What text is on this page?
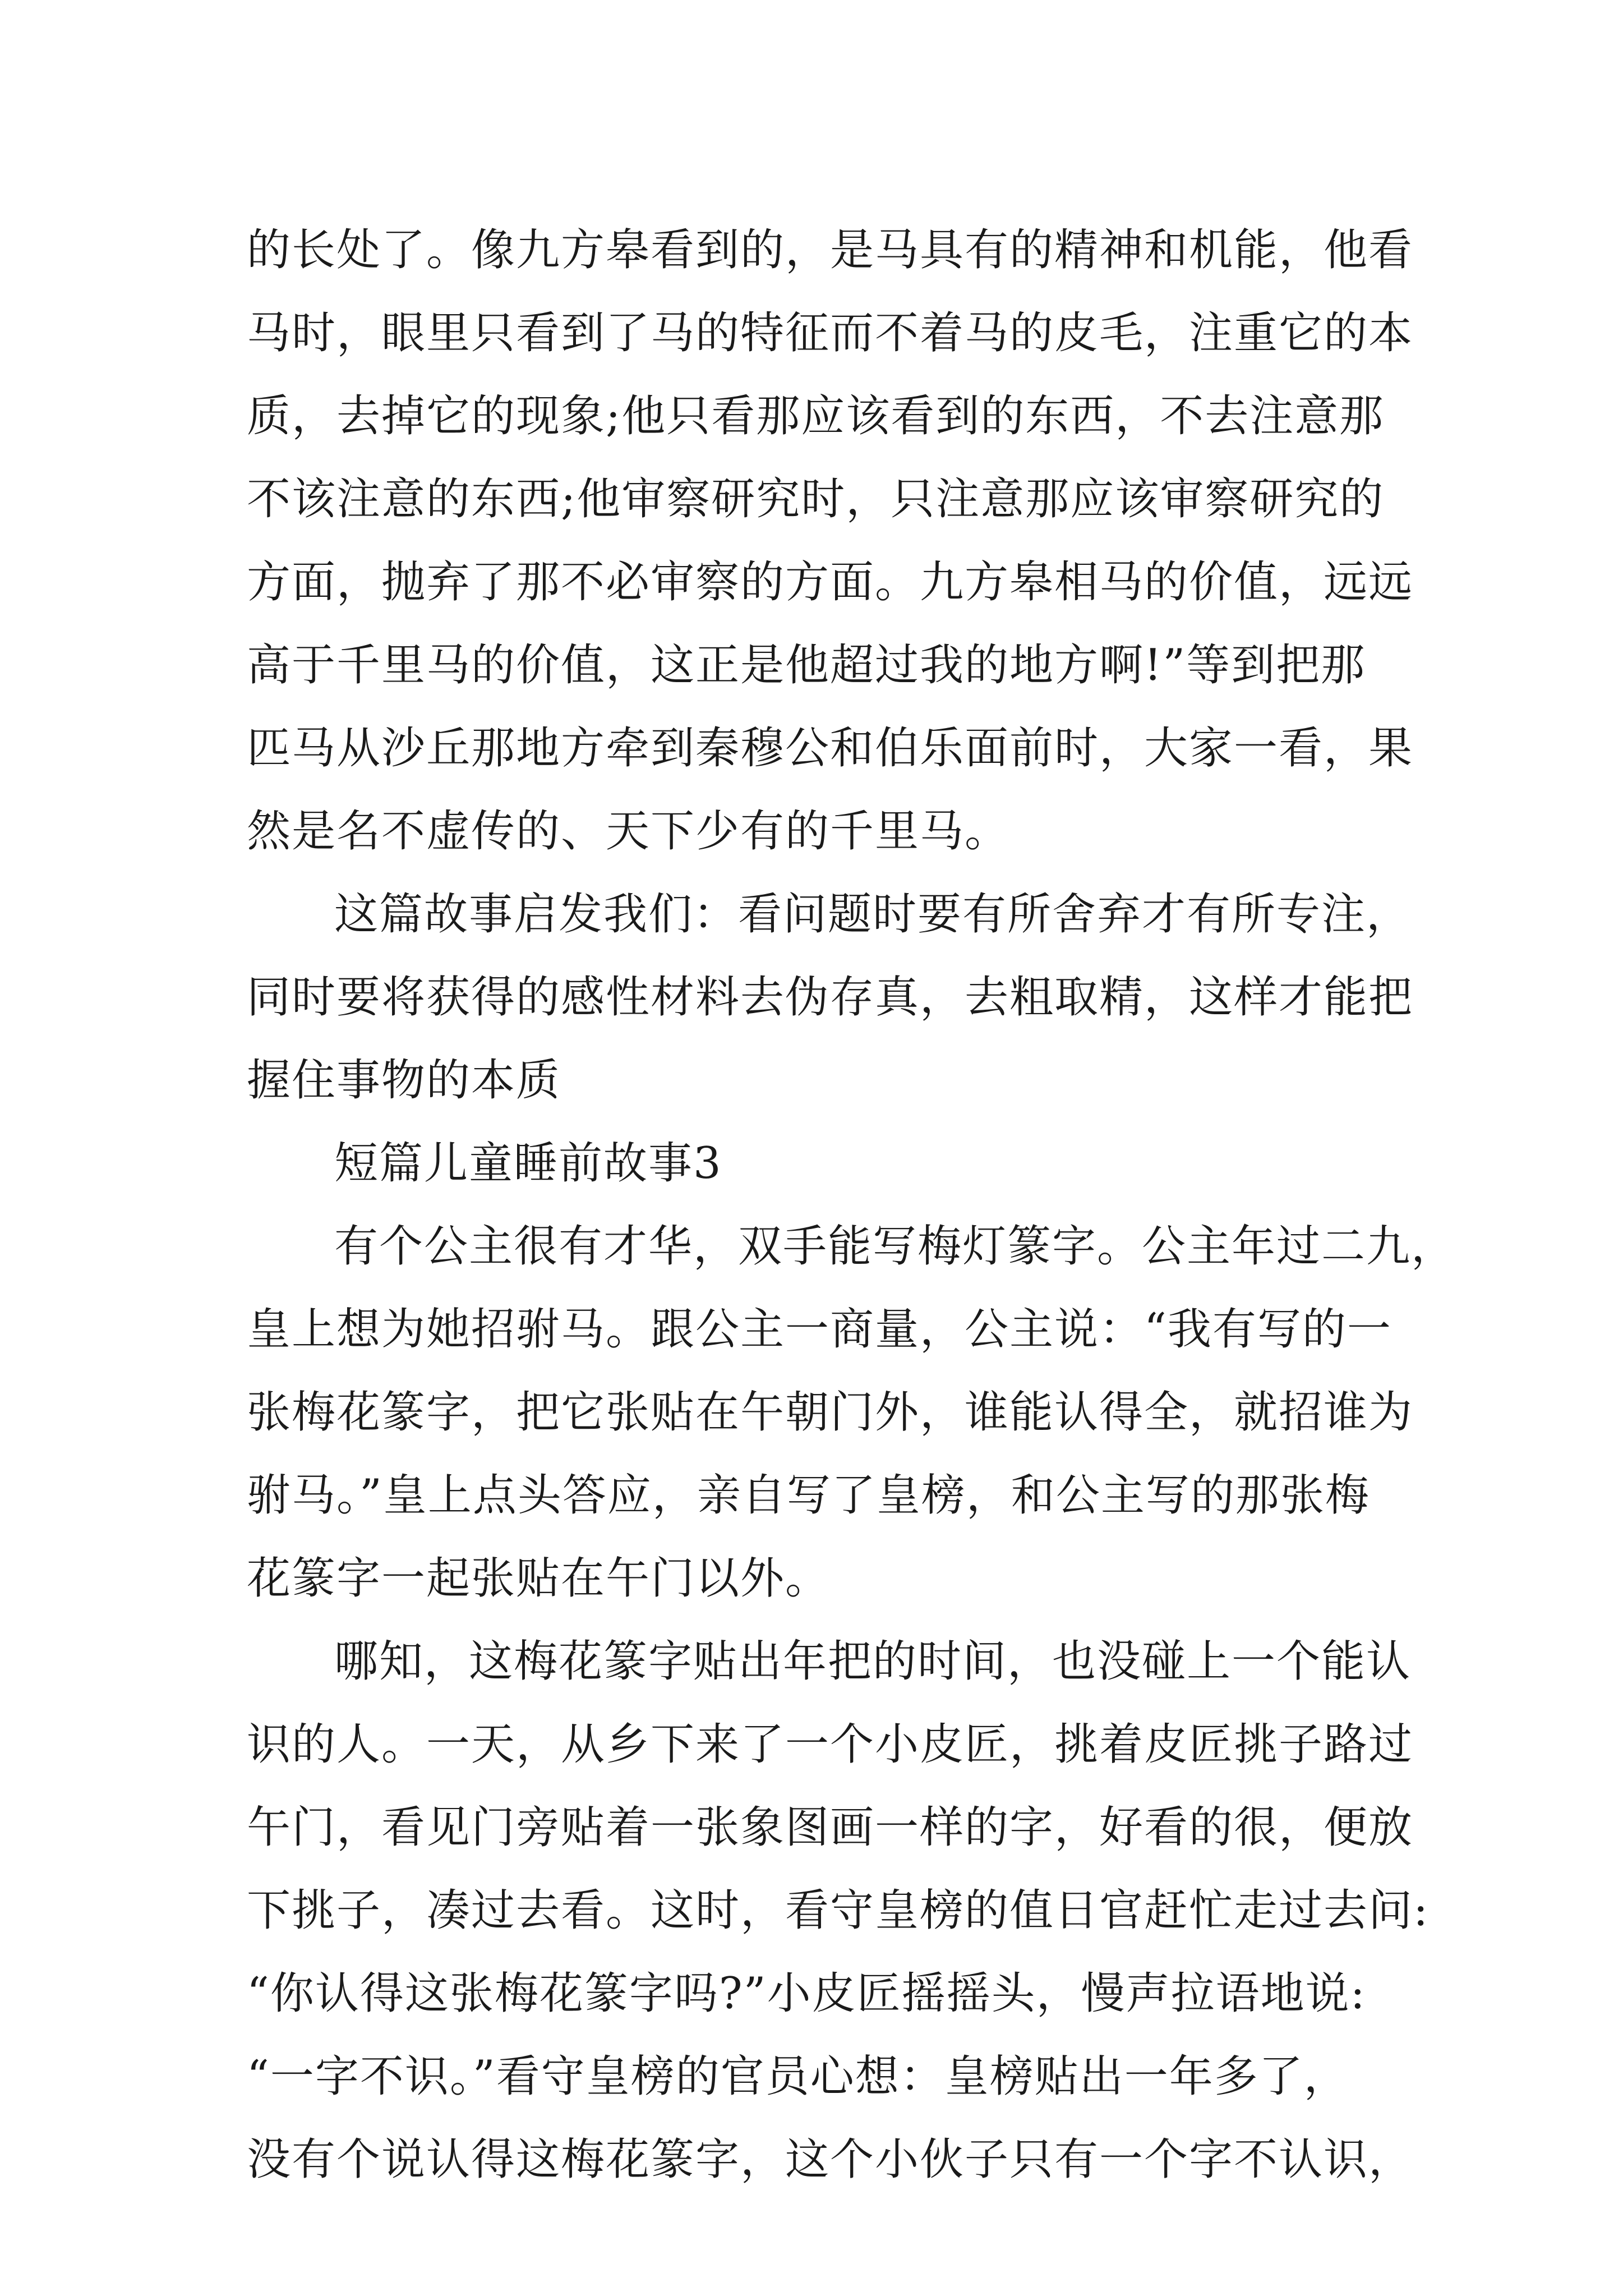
的长处了。像九方皋看到的，是马具有的精神和机能，他看
马时，眼里只看到了马的特征而不着马的皮毛，注重它的本
质，去掉它的现象;他只看那应该看到的东西，不去注意那
不该注意的东西;他审察研究时，只注意那应该审察研究的
方面，抛弃了那不必审察的方面。九方皋相马的价值，远远
高于千里马的价值，这正是他超过我的地方啊!”等到把那
匹马从沙丘那地方牵到秦穆公和伯乐面前时，大家一看，果
然是名不虚传的、天下少有的千里马。
这篇故事启发我们：看问题时要有所舍弃才有所专注，
同时要将获得的感性材料去伪存真，去粗取精，这样才能把
握住事物的本质
短篇儿童睡前故事3
有个公主很有才华，双手能写梅灯篆字。公主年过二九，
皇上想为她招驸马。跟公主一商量，公主说：“我有写的一
张梅花篆字，把它张贴在午朝门外，谁能认得全，就招谁为
驸马。”皇上点头答应，亲自写了皇榜，和公主写的那张梅
花篆字一起张贴在午门以外。
哪知，这梅花篆字贴出年把的时间，也没碰上一个能认
识的人。一天，从乡下来了一个小皮匠，挑着皮匠挑子路过
午门，看见门旁贴着一张象图画一样的字，好看的很，便放
下挑子，凑过去看。这时，看守皇榜的值日官赶忙走过去问:
“你认得这张梅花篆字吗?”小皮匠摇摇头，慢声拉语地说:
“一字不识。”看守皇榜的官员心想：皇榜贴出一年多了，
没有个说认得这梅花篆字，这个小伙子只有一个字不认识，
